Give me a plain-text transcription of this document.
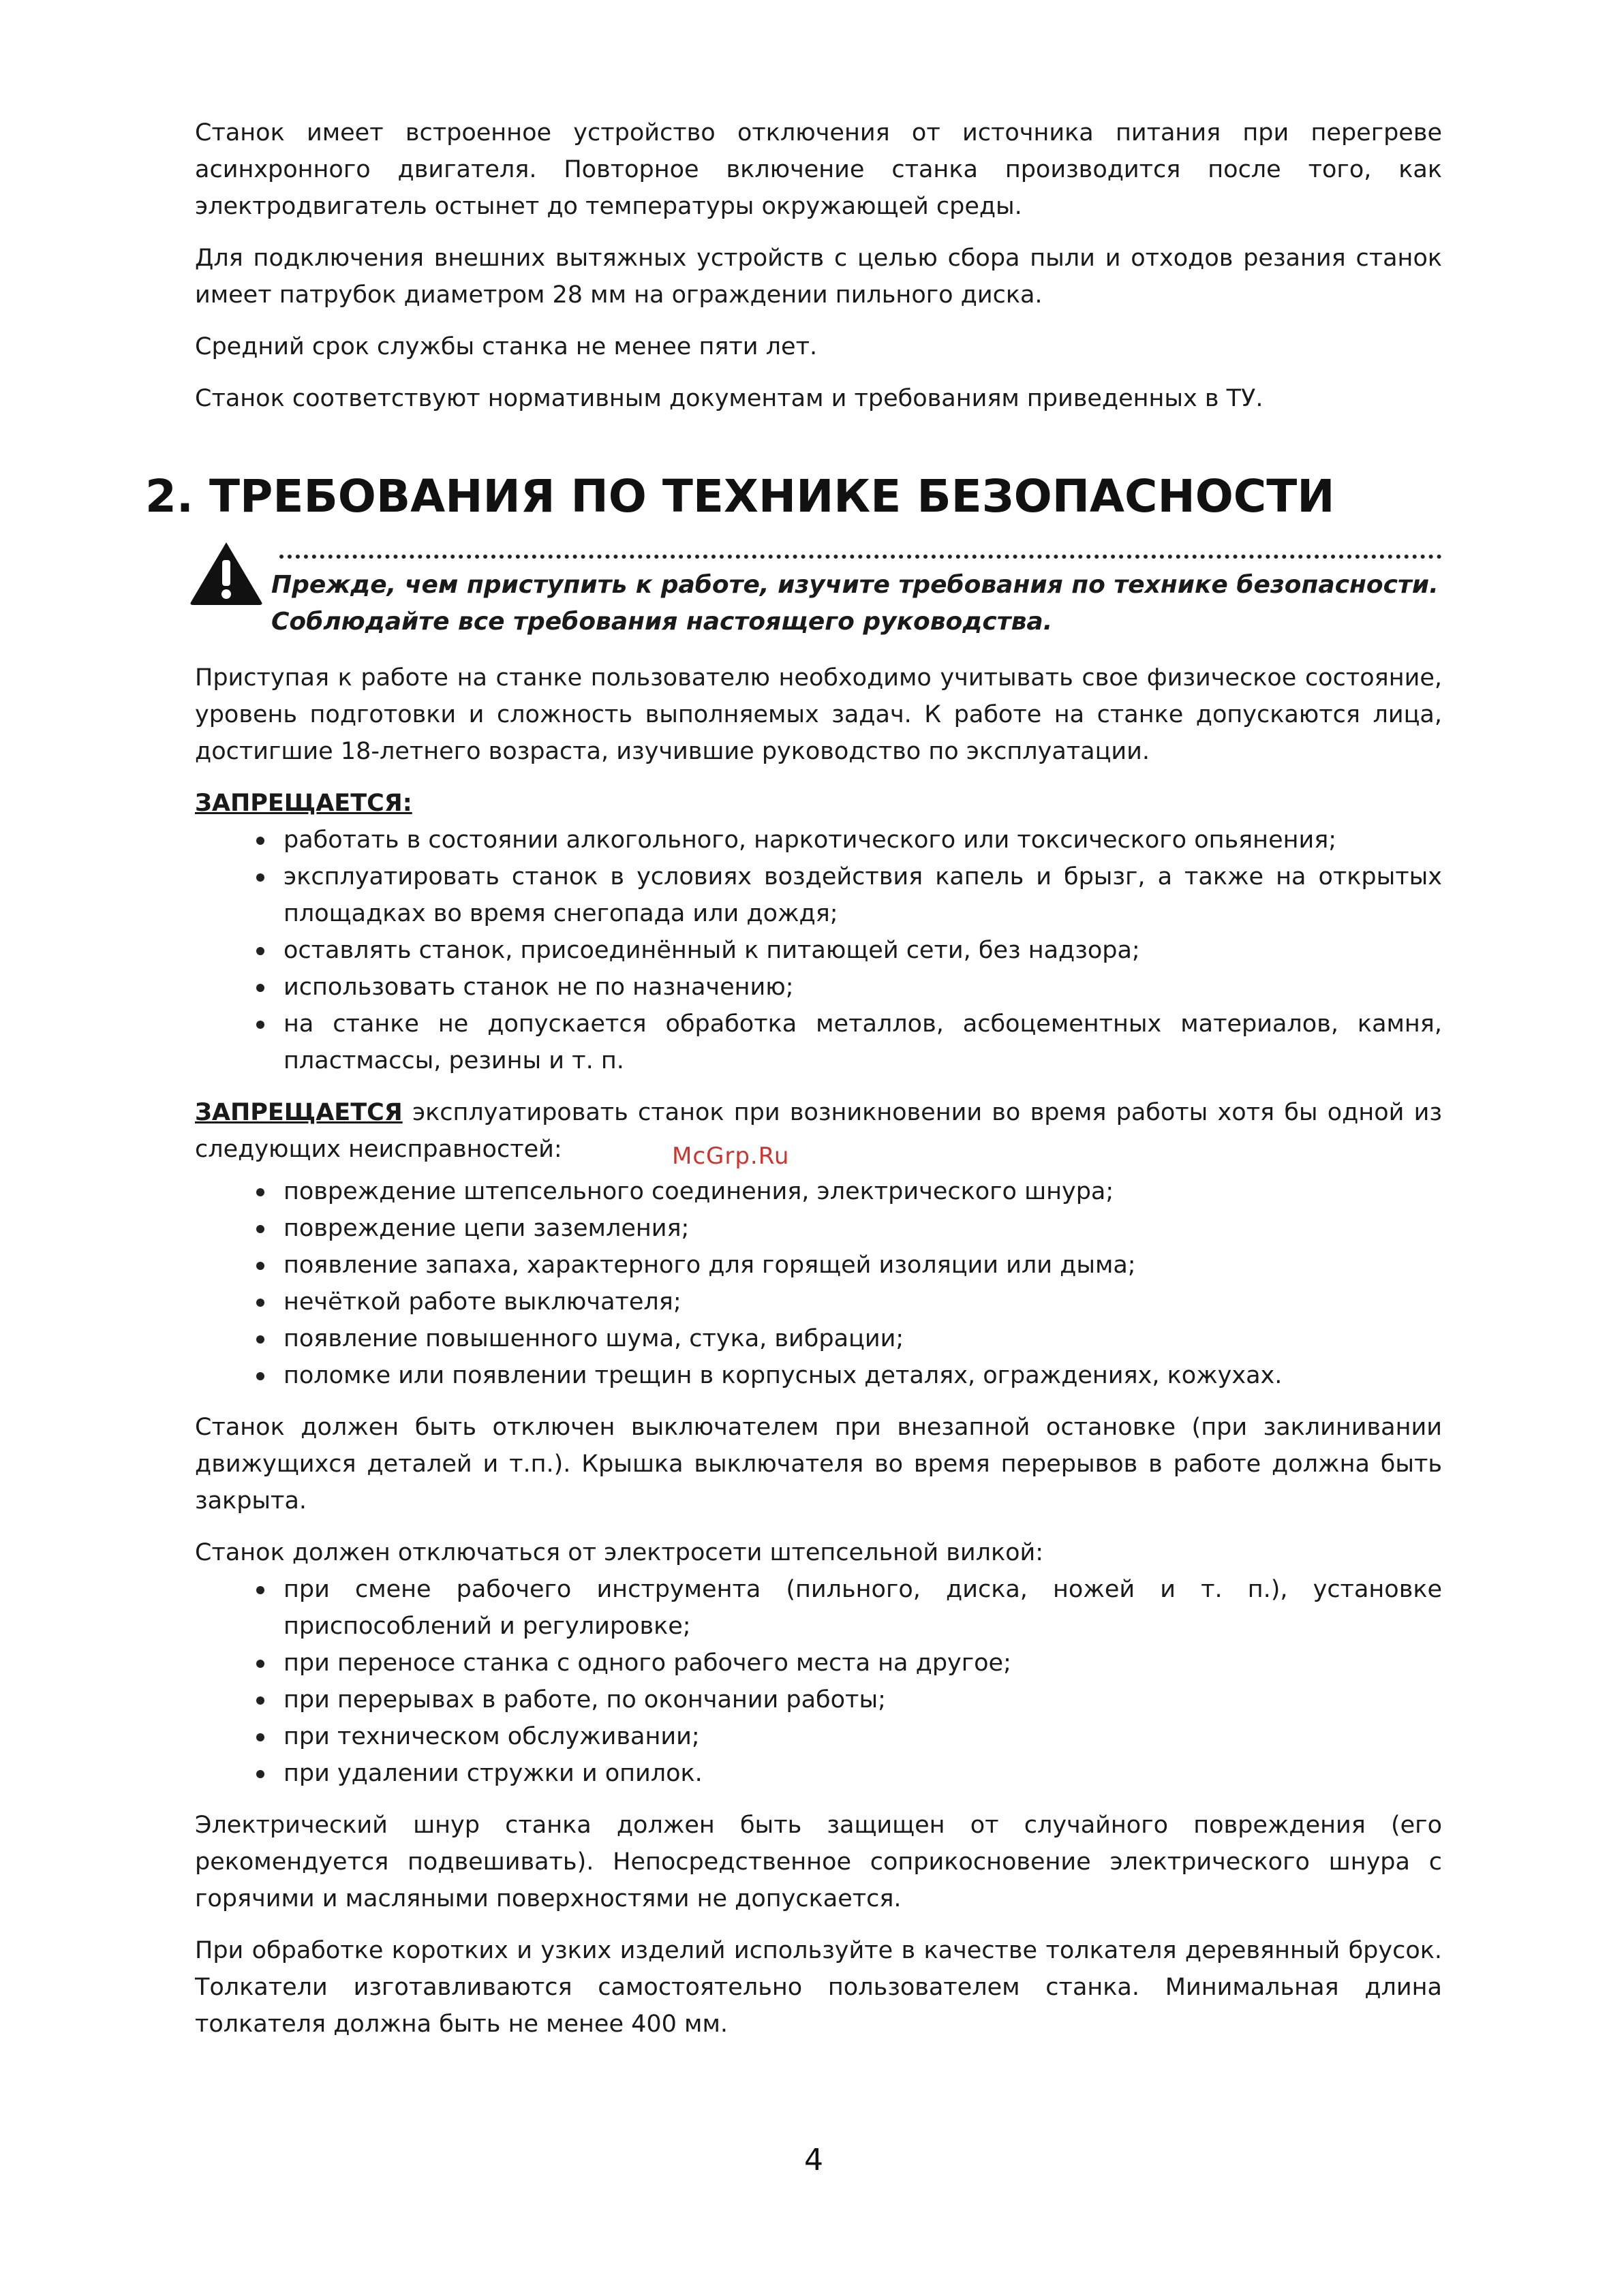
Станок имеет встроенное устройство отключения от источника питания при перегреве асинхронного двигателя. Повторное включение станка производится после того, как электродвигатель остынет до температуры окружающей среды.

Для подключения внешних вытяжных устройств с целью сбора пыли и отходов резания станок имеет патрубок диаметром 28 мм на ограждении пильного диска.

Средний срок службы станка не менее пяти лет.

Станок соответствуют нормативным документам и требованиям приведенных в ТУ.

2. ТРЕБОВАНИЯ ПО ТЕХНИКЕ БЕЗОПАСНОСТИ
Прежде, чем приступить к работе, изучите требования по технике безопасности.
Соблюдайте все требования настоящего руководства.

Приступая к работе на станке пользователю необходимо учитывать свое физическое состояние, уровень подготовки и сложность выполняемых задач. К работе на станке допускаются лица, достигшие 18-летнего возраста, изучившие руководство по эксплуатации.

ЗАПРЕЩАЕТСЯ:
работать в состоянии алкогольного, наркотического или токсического опьянения;
эксплуатировать станок в условиях воздействия капель и брызг, а также на открытых площадках во время снегопада или дождя;
оставлять станок, присоединённый к питающей сети, без надзора;
использовать станок не по назначению;
на станке не допускается обработка металлов, асбоцементных материалов, камня, пластмассы, резины и т. п.

ЗАПРЕЩАЕТСЯ эксплуатировать станок при возникновении во время работы хотя бы одной из следующих неисправностей:

повреждение штепсельного соединения, электрического шнура;
повреждение цепи заземления;
появление запаха, характерного для горящей изоляции или дыма;
нечёткой работе выключателя;
появление повышенного шума, стука, вибрации;
поломке или появлении трещин в корпусных деталях, ограждениях, кожухах.

Станок должен быть отключен выключателем при внезапной остановке (при заклинивании движущихся деталей и т.п.). Крышка выключателя во время перерывов в работе должна быть закрыта.

Станок должен отключаться от электросети штепсельной вилкой:

при смене рабочего инструмента (пильного, диска, ножей и т. п.), установке приспособлений и регулировке;
при переносе станка с одного рабочего места на другое;
при перерывах в работе, по окончании работы;
при техническом обслуживании;
при удалении стружки и опилок.

Электрический шнур станка должен быть защищен от случайного повреждения (его рекомендуется подвешивать). Непосредственное соприкосновение электрического шнура с горячими и масляными поверхностями не допускается.

При обработке коротких и узких изделий используйте в качестве толкателя деревянный брусок. Толкатели изготавливаются самостоятельно пользователем станка. Минимальная длина толкателя должна быть не менее 400 мм.

McGrp.Ru
4
